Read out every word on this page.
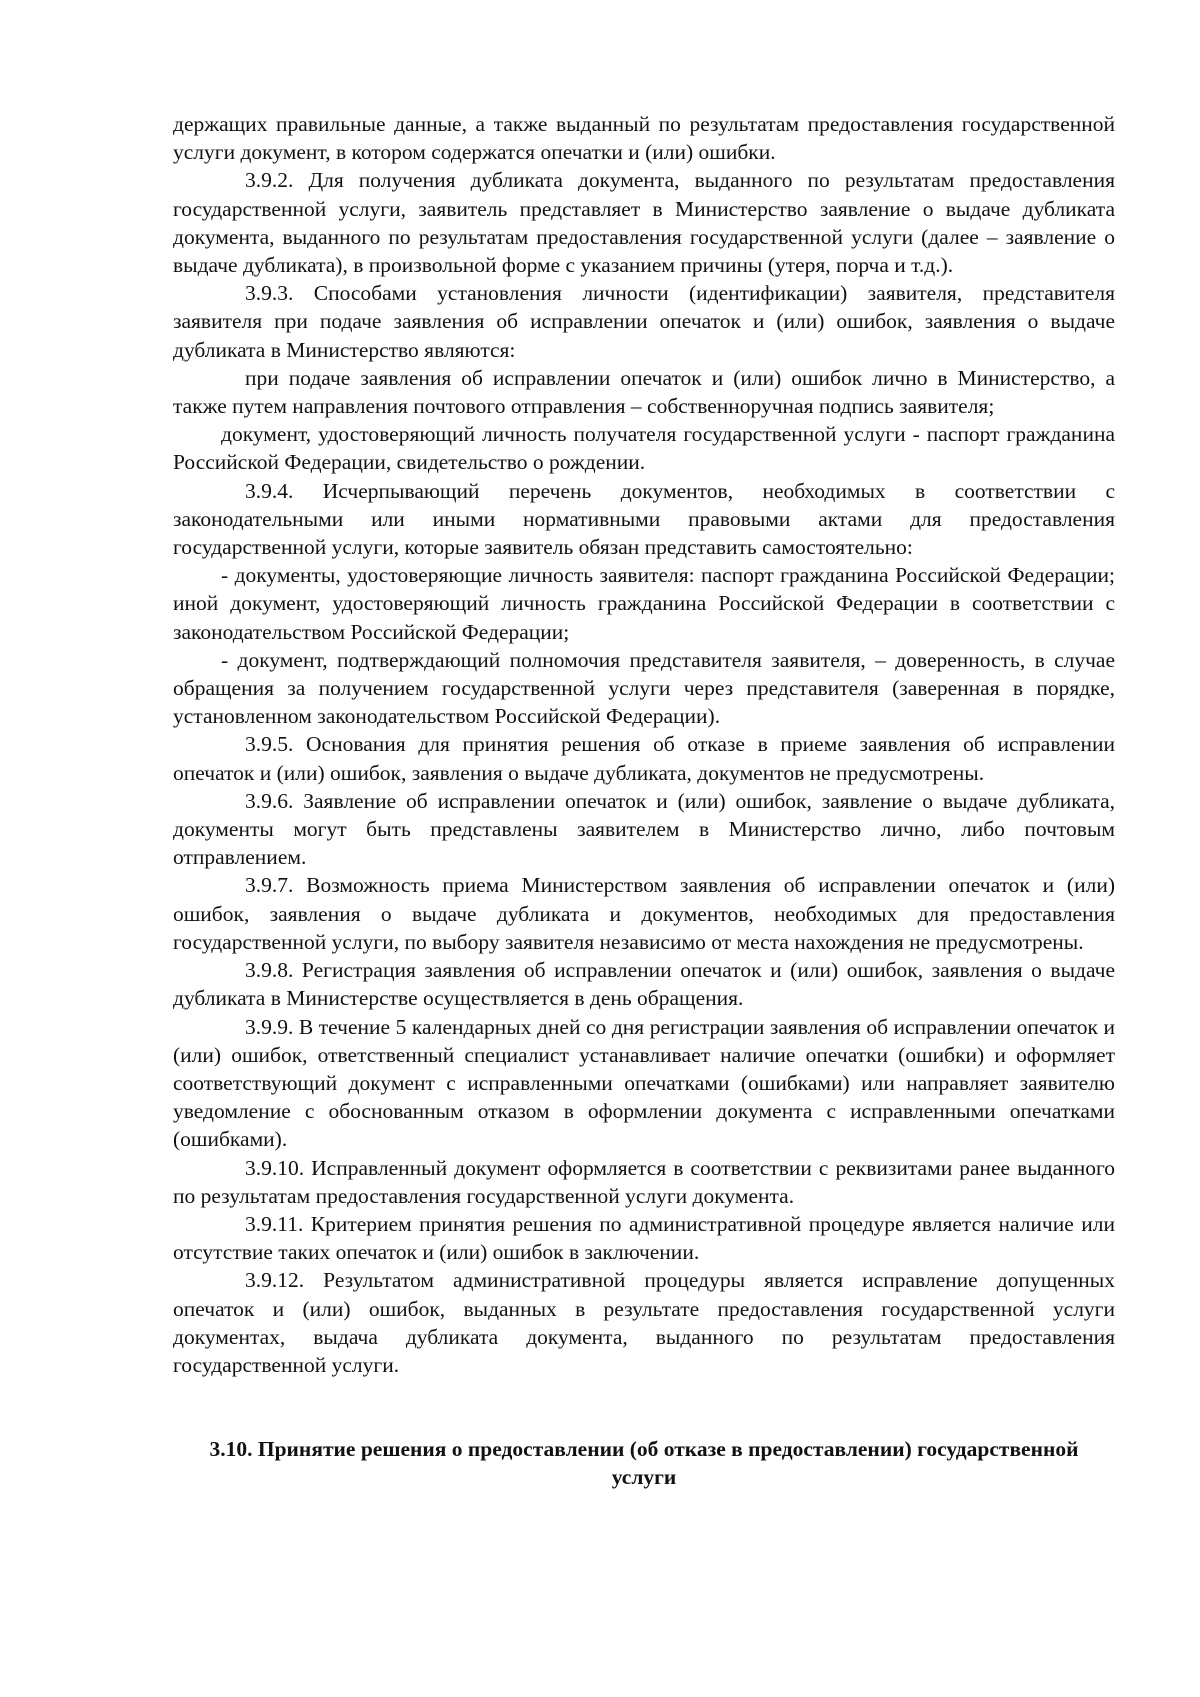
держащих правильные данные, а также выданный по результатам предоставления государственной услуги документ, в котором содержатся опечатки и (или) ошибки.

3.9.2. Для получения дубликата документа, выданного по результатам предоставления государственной услуги, заявитель представляет в Министерство заявление о выдаче дубликата документа, выданного по результатам предоставления государственной услуги (далее – заявление о выдаче дубликата), в произвольной форме с указанием причины (утеря, порча и т.д.).

3.9.3. Способами установления личности (идентификации) заявителя, представителя заявителя при подаче заявления об исправлении опечаток и (или) ошибок, заявления о выдаче дубликата в Министерство являются:

при подаче заявления об исправлении опечаток и (или) ошибок лично в Министерство, а также путем направления почтового отправления – собственноручная подпись заявителя;

документ, удостоверяющий личность получателя государственной услуги - паспорт гражданина Российской Федерации, свидетельство о рождении.

3.9.4. Исчерпывающий перечень документов, необходимых в соответствии с законодательными или иными нормативными правовыми актами для предоставления государственной услуги, которые заявитель обязан представить самостоятельно:

- документы, удостоверяющие личность заявителя: паспорт гражданина Российской Федерации; иной документ, удостоверяющий личность гражданина Российской Федерации в соответствии с законодательством Российской Федерации;

- документ, подтверждающий полномочия представителя заявителя, – доверенность, в случае обращения за получением государственной услуги через представителя (заверенная в порядке, установленном законодательством Российской Федерации).

3.9.5. Основания для принятия решения об отказе в приеме заявления об исправлении опечаток и (или) ошибок, заявления о выдаче дубликата, документов не предусмотрены.

3.9.6. Заявление об исправлении опечаток и (или) ошибок, заявление о выдаче дубликата, документы могут быть представлены заявителем в Министерство лично, либо почтовым отправлением.

3.9.7. Возможность приема Министерством заявления об исправлении опечаток и (или) ошибок, заявления о выдаче дубликата и документов, необходимых для предоставления государственной услуги, по выбору заявителя независимо от места нахождения не предусмотрены.

3.9.8. Регистрация заявления об исправлении опечаток и (или) ошибок, заявления о выдаче дубликата в Министерстве осуществляется в день обращения.

3.9.9. В течение 5 календарных дней со дня регистрации заявления об исправлении опечаток и (или) ошибок, ответственный специалист устанавливает наличие опечатки (ошибки) и оформляет соответствующий документ с исправленными опечатками (ошибками) или направляет заявителю уведомление с обоснованным отказом в оформлении документа с исправленными опечатками (ошибками).

3.9.10. Исправленный документ оформляется в соответствии с реквизитами ранее выданного по результатам предоставления государственной услуги документа.

3.9.11. Критерием принятия решения по административной процедуре является наличие или отсутствие таких опечаток и (или) ошибок в заключении.

3.9.12. Результатом административной процедуры является исправление допущенных опечаток и (или) ошибок, выданных в результате предоставления государственной услуги документах, выдача дубликата документа, выданного по результатам предоставления государственной услуги.

3.10. Принятие решения о предоставлении (об отказе в предоставлении) государственной услуги
